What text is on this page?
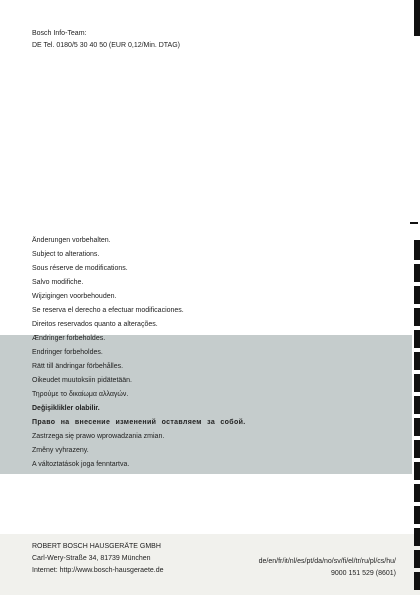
Bosch Info-Team:
DE Tel. 0180/5 30 40 50 (EUR 0,12/Min. DTAG)
Änderungen vorbehalten.
Subject to alterations.
Sous réserve de modifications.
Salvo modifiche.
Wijzigingen voorbehouden.
Se reserva el derecho a efectuar modificaciones.
Direitos reservados quanto a alterações.
Ændringer forbeholdes.
Endringer forbeholdes.
Rätt till ändringar förbehålles.
Oikeudet muutoksiin pidätetään.
Τηρούμε το δικαίωμα αλλαγών.
Değişiklikler olabilir.
Право на внесение изменений оставляем за собой.
Zastrzega się prawo wprowadzania zmian.
Změny vyhrazeny.
A változtatások joga fenntartva.
ROBERT BOSCH HAUSGERÄTE GMBH
Carl-Wery-Straße 34, 81739 München
Internet: http://www.bosch-hausgeraete.de
de/en/fr/it/nl/es/pt/da/no/sv/fi/el/tr/ru/pl/cs/hu/
9000 151 529 (8601)
